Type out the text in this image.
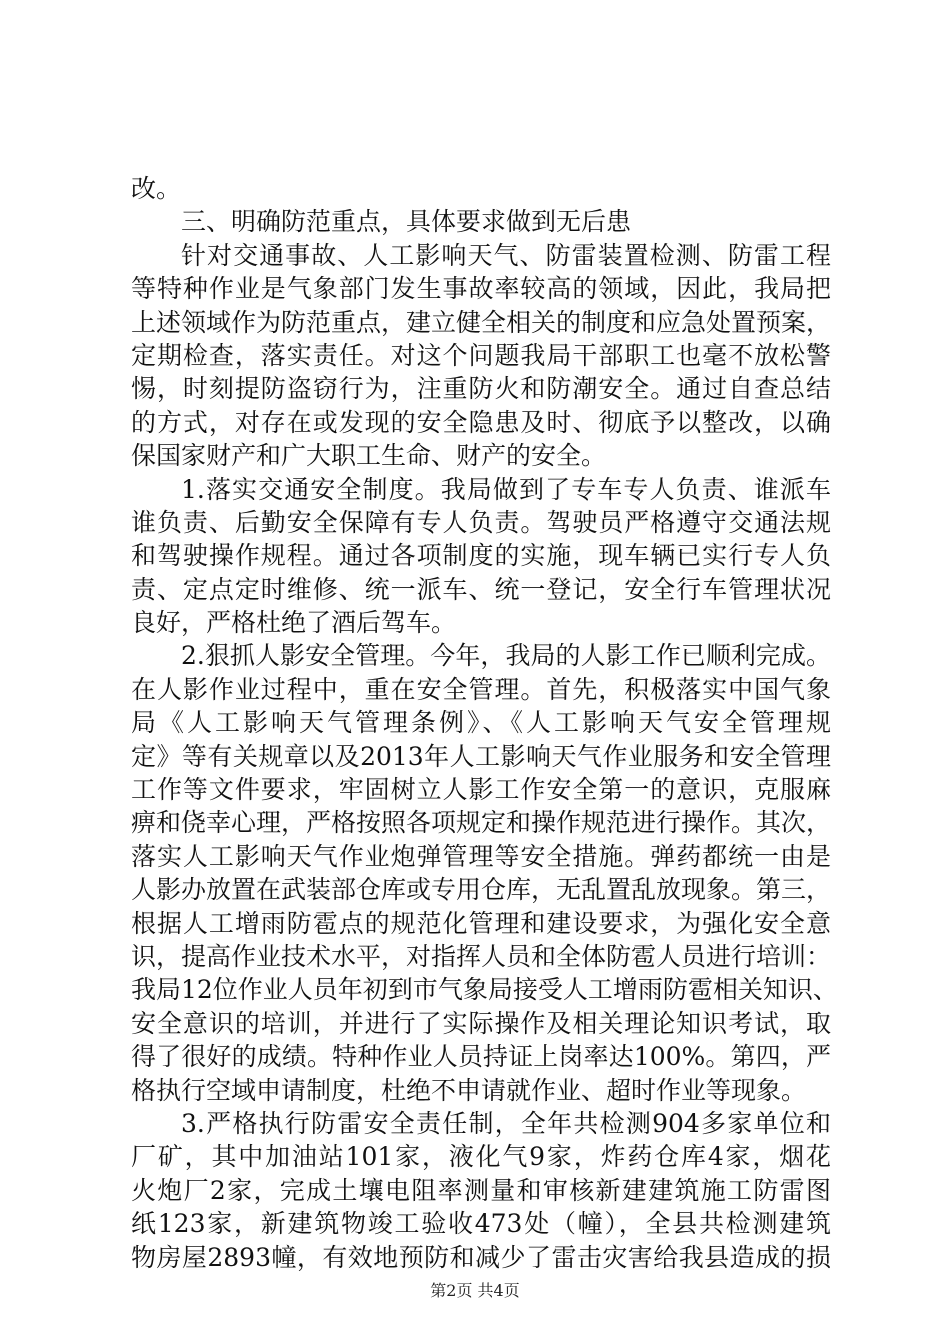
改。
三、明确防范重点，具体要求做到无后患
针对交通事故、人工影响天气、防雷装置检测、防雷工程
等特种作业是气象部门发生事故率较高的领域，因此，我局把
上述领域作为防范重点，建立健全相关的制度和应急处置预案，
定期检查，落实责任。对这个问题我局干部职工也毫不放松警
惕，时刻提防盗窃行为，注重防火和防潮安全。通过自查总结
的方式，对存在或发现的安全隐患及时、彻底予以整改，以确
保国家财产和广大职工生命、财产的安全。
1.落实交通安全制度。我局做到了专车专人负责、谁派车
谁负责、后勤安全保障有专人负责。驾驶员严格遵守交通法规
和驾驶操作规程。通过各项制度的实施，现车辆已实行专人负
责、定点定时维修、统一派车、统一登记，安全行车管理状况
良好，严格杜绝了酒后驾车。
2.狠抓人影安全管理。今年，我局的人影工作已顺利完成。
在人影作业过程中，重在安全管理。首先，积极落实中国气象
局《人工影响天气管理条例》、《人工影响天气安全管理规
定》等有关规章以及2013年人工影响天气作业服务和安全管理
工作等文件要求，牢固树立人影工作安全第一的意识，克服麻
痹和侥幸心理，严格按照各项规定和操作规范进行操作。其次，
落实人工影响天气作业炮弹管理等安全措施。弹药都统一由是
人影办放置在武装部仓库或专用仓库，无乱置乱放现象。第三，
根据人工增雨防雹点的规范化管理和建设要求，为强化安全意
识，提高作业技术水平，对指挥人员和全体防雹人员进行培训：
我局12位作业人员年初到市气象局接受人工增雨防雹相关知识、
安全意识的培训，并进行了实际操作及相关理论知识考试，取
得了很好的成绩。特种作业人员持证上岗率达100%。第四，严
格执行空域申请制度，杜绝不申请就作业、超时作业等现象。
3.严格执行防雷安全责任制，全年共检测904多家单位和
厂矿，其中加油站101家，液化气9家，炸药仓库4家，烟花
火炮厂2家，完成土壤电阻率测量和审核新建建筑施工防雷图
纸123家，新建筑物竣工验收473处（幢），全县共检测建筑
物房屋2893幢，有效地预防和减少了雷击灾害给我县造成的损
第2页 共4页
